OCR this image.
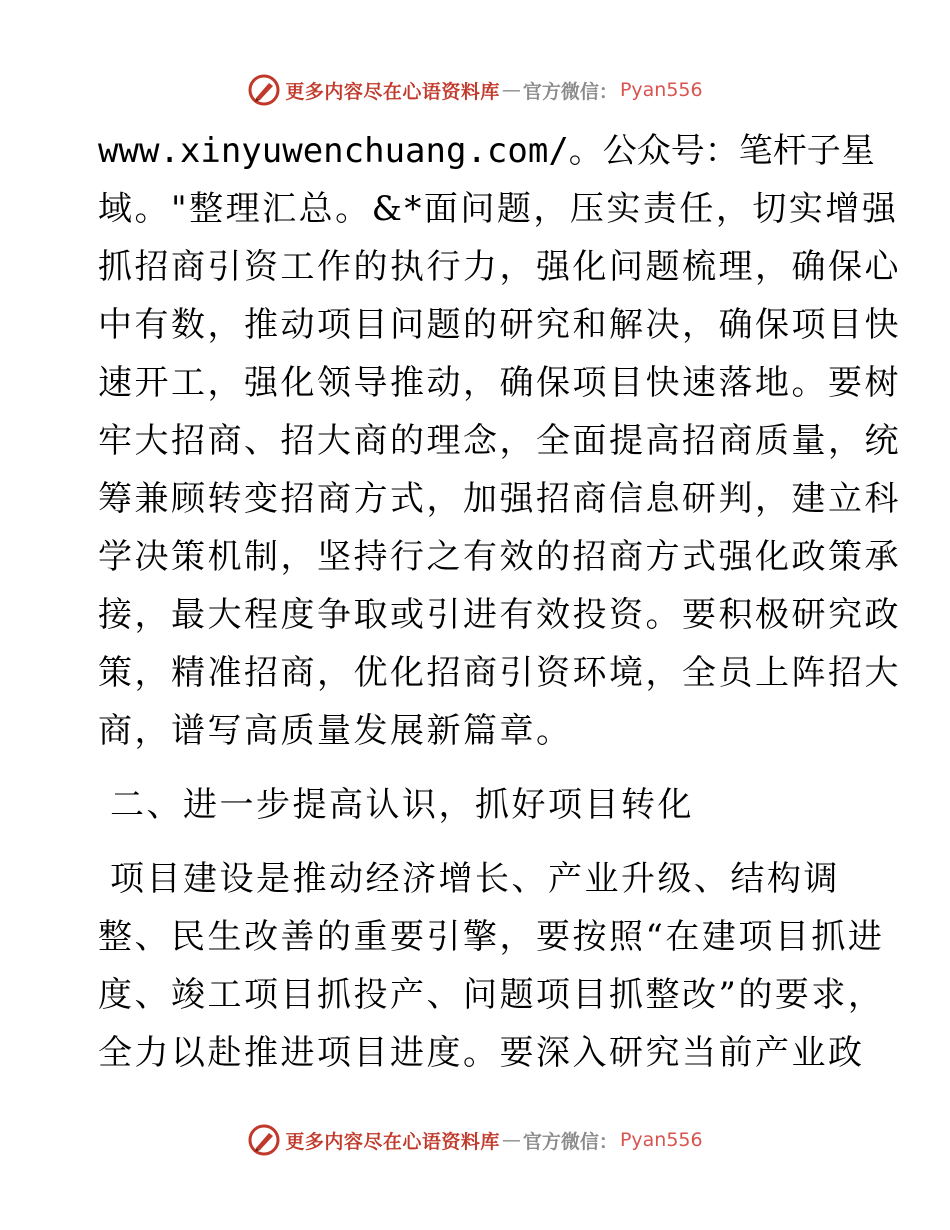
更多内容尽在心语资料库 — 官方微信： Pyan556
www.xinyuwenchuang.com/。公众号：笔杆子星
域。"整理汇总。&*面问题，压实责任，切实增强
抓招商引资工作的执行力，强化问题梳理，确保心
中有数，推动项目问题的研究和解决，确保项目快
速开工，强化领导推动，确保项目快速落地。要树
牢大招商、招大商的理念，全面提高招商质量，统
筹兼顾转变招商方式，加强招商信息研判，建立科
学决策机制，坚持行之有效的招商方式强化政策承
接，最大程度争取或引进有效投资。要积极研究政
策，精准招商，优化招商引资环境，全员上阵招大
商，谱写高质量发展新篇章。
二、进一步提高认识，抓好项目转化
项目建设是推动经济增长、产业升级、结构调
整、民生改善的重要引擎，要按照“在建项目抓进
度、竣工项目抓投产、问题项目抓整改”的要求，
全力以赴推进项目进度。要深入研究当前产业政
更多内容尽在心语资料库 — 官方微信： Pyan556
